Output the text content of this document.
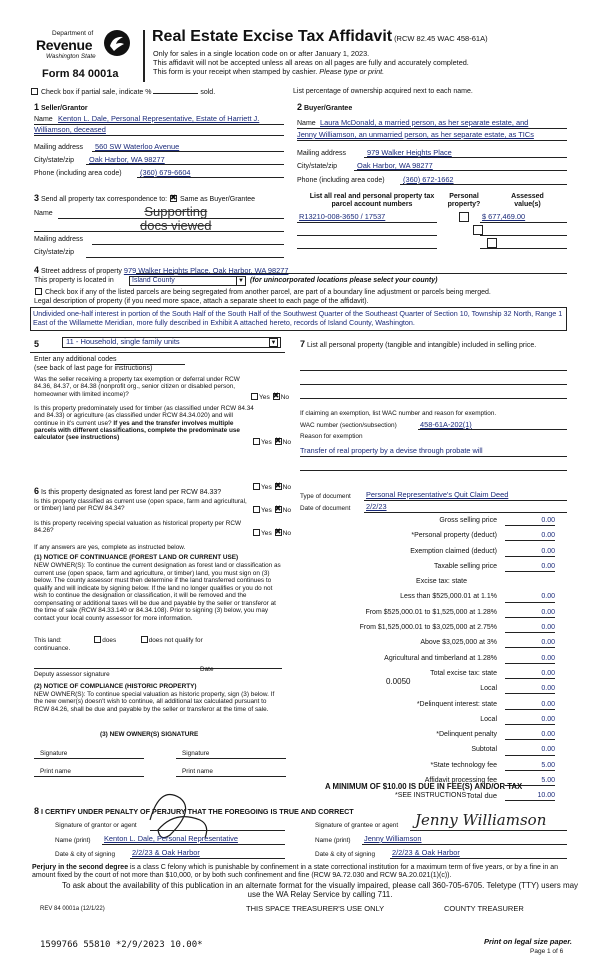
Department of
Revenue
Washington State
Form 84 0001a
Real Estate Excise Tax Affidavit (RCW 82.45 WAC 458-61A)
Only for sales in a single location code on or after January 1, 2023.
This affidavit will not be accepted unless all areas on all pages are fully and accurately completed.
This form is your receipt when stamped by cashier. Please type or print.
Check box if partial sale, indicate %	sold.	List percentage of ownership acquired next to each name.
1 Seller/Grantor
Name Kenton L. Dale, Personal Representative, Estate of Harriett J.
Williamson, deceased
Mailing address 560 SW Waterloo Avenue
City/state/zip Oak Harbor, WA 98277
Phone (including area code) (360) 679-6604
2 Buyer/Grantee
Name Laura McDonald, a married person, as her separate estate, and
Jenny Williamson, an unmarried person, as her separate estate, as TICs
Mailing address	979 Walker Heights Place
City/state/zip	Oak Harbor, WA 98277
Phone (including area code) (360) 672-1662
3 Send all property tax correspondence to: ✖ Same as Buyer/Grantee
Name
Mailing address
City/state/zip
Supporting
docs viewed
List all real and personal property tax parcel account numbers
Personal property?
Assessed value(s)
R13210-008-3650 / 17537	$ 677,469.00

4 Street address of property 979 Walker Heights Place, Oak Harbor, WA 98277
This property is located in	Island County	▼ (for unincorporated locations please select your county)
Check box if any of the listed parcels are being segregated from another parcel, are part of a boundary line adjustment or parcels being merged.
Legal description of property (if you need more space, attach a separate sheet to each page of the affidavit).
Undivided one-half interest in portion of the South Half of the South Half of the Southwest Quarter of the Southeast Quarter of Section 10, Township 32 North, Range 1 East of the Willamette Meridian, more fully described in Exhibit A attached hereto, records of Island County, Washington.
5	11 - Household, single family units	▼
Enter any additional codes
(see back of last page for instructions)
Was the seller receiving a property tax exemption or deferral under RCW 84.36, 84.37, or 84.38 (nonprofit org., senior citizen or disabled person, homeowner with limited income)?	Yes ✖ No
Is this property predominately used for timber (as classified under RCW 84.34 and 84.33) or agriculture (as classified under RCW 84.34.020) and will continue in it's current use? If yes and the transfer involves multiple parcels with different classifications, complete the predominate use calculator (see instructions)
Yes ✖ No
6 Is this property designated as forest land per RCW 84.33?
Yes ✖ No
Is this property classified as current use (open space, farm and agricultural, or timber) land per RCW 84.34?	Yes ✖ No
Is this property receiving special valuation as historical property per RCW 84.26?	Yes ✖ No
If any answers are yes, complete as instructed below.
(1) NOTICE OF CONTINUANCE (FOREST LAND OR CURRENT USE)
NEW OWNER(S): To continue the current designation as forest land or classification as current use (open space, farm and agriculture, or timber) land, you must sign on (3) below. The county assessor must then determine if the land transferred continues to qualify and will indicate by signing below. If the land no longer qualifies or you do not wish to continue the designation or classification, it will be removed and the compensating or additional taxes will be due and payable by the seller or transferor at the time of sale (RCW 84.33.140 or 84.34.108). Prior to signing (3) below, you may contact your local county assessor for more information.
This land:	does	does not qualify for
continuance.
Deputy assessor signature
Date
(2) NOTICE OF COMPLIANCE (HISTORIC PROPERTY)
NEW OWNER(S): To continue special valuation as historic property, sign (3) below. If the new owner(s) doesn't wish to continue, all additional tax calculated pursuant to RCW 84.26, shall be due and payable by the seller or transferor at the time of sale.
(3) NEW OWNER(S) SIGNATURE
Signature	Signature
Print name	Print name
7 List all personal property (tangible and intangible) included in selling price.
If claiming an exemption, list WAC number and reason for exemption.
WAC number (section/subsection)	458-61A-202(1)
Reason for exemption
Transfer of real property by a devise through probate will
Type of document Personal Representative's Quit Claim Deed
Date of document 2/2/23
Gross selling price	0.00
*Personal property (deduct)	0.00
Exemption claimed (deduct)	0.00
Taxable selling price	0.00
Excise tax: state
Less than $525,000.01 at 1.1%	0.00
From $525,000.01 to $1,525,000 at 1.28%	0.00
From $1,525,000.01 to $3,025,000 at 2.75%	0.00
Above $3,025,000 at 3%	0.00
Agricultural and timberland at 1.28%	0.00
Total excise tax: state	0.00
Local	0.00
*Delinquent interest: state	0.00
Local	0.00
*Delinquent penalty	0.00
Subtotal	0.00
*State technology fee	5.00
Affidavit processing fee	5.00
Total due	10.00
0.0050
A MINIMUM OF $10.00 IS DUE IN FEE(S) AND/OR TAX
*SEE INSTRUCTIONS
8 I CERTIFY UNDER PENALTY OF PERJURY THAT THE FOREGOING IS TRUE AND CORRECT
Signature of grantor or agent
Name (print) Kenton L. Dale, Personal Representative
Date & city of signing 2/2/23 & Oak Harbor
Signature of grantee or agent Jenny Williamson
Name (print) Jenny Williamson
Date & city of signing 2/2/23 & Oak Harbor
Perjury in the second degree is a class C felony which is punishable by confinement in a state correctional institution for a maximum term of five years, or by a fine in an amount fixed by the court of not more than $10,000, or by both such confinement and fine (RCW 9A.72.030 and RCW 9A.20.021(1)(c)).
To ask about the availability of this publication in an alternate format for the visually impaired, please call 360-705-6705. Teletype (TTY) users may use the WA Relay Service by calling 711.
REV 84 0001a (12/1/22)	THIS SPACE TREASURER'S USE ONLY	COUNTY TREASURER
1599766 55810 *2/9/2023 10.00*	Print on legal size paper.
Page 1 of 6
